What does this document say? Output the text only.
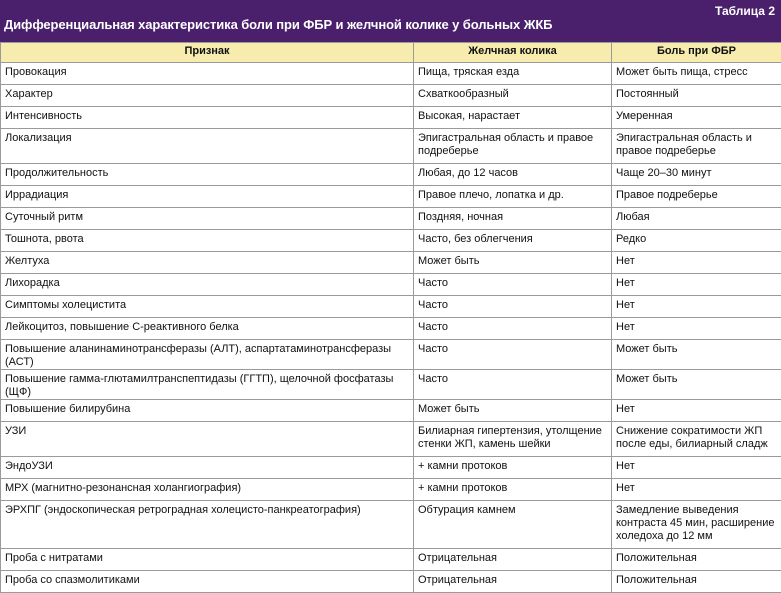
Таблица 2
Дифференциальная характеристика боли при ФБР и желчной колике у больных ЖКБ
Признак	Желчная колика	Боль при ФБР
Провокация	Пища, тряская езда	Может быть пища, стресс
Характер	Схваткообразный	Постоянный
Интенсивность	Высокая, нарастает	Умеренная
Локализация	Эпигастральная область и правое подреберье	Эпигастральная область и правое подреберье
Продолжительность	Любая, до 12 часов	Чаще 20–30 минут
Иррадиация	Правое плечо, лопатка и др.	Правое подреберье
Суточный ритм	Поздняя, ночная	Любая
Тошнота, рвота	Часто, без облегчения	Редко
Желтуха	Может быть	Нет
Лихорадка	Часто	Нет
Симптомы холецистита	Часто	Нет
Лейкоцитоз, повышение С-реактивного белка	Часто	Нет
Повышение аланинаминотрансферазы (АЛТ), аспартатаминотрансферазы (АСТ)	Часто	Может быть
Повышение гамма-глютамилтранспептидазы (ГГТП), щелочной фосфатазы (ЩФ)	Часто	Может быть
Повышение билирубина	Может быть	Нет
УЗИ	Билиарная гипертензия, утолщение стенки ЖП, камень шейки	Снижение сократимости ЖП после еды, билиарный сладж
ЭндоУЗИ	+ камни протоков	Нет
МРХ (магнитно-резонансная холангиография)	+ камни протоков	Нет
ЭРХПГ (эндоскопическая ретроградная холецисто-панкреатография)	Обтурация камнем	Замедление выведения контраста 45 мин, расширение холедоха до 12 мм
Проба с нитратами	Отрицательная	Положительная
Проба со спазмолитиками	Отрицательная	Положительная
